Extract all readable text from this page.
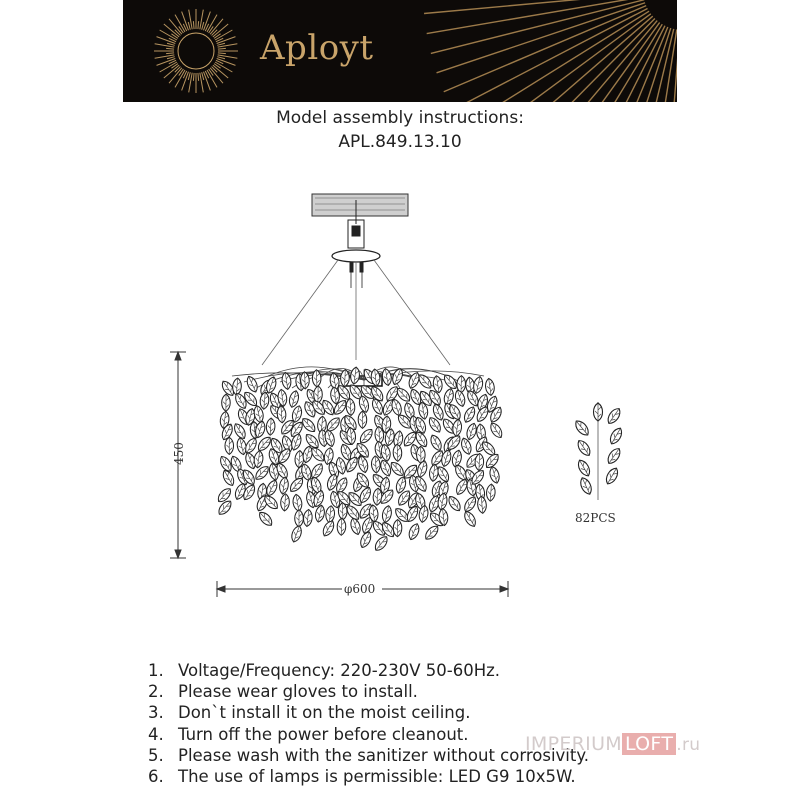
Aployt
Model assembly instructions:
APL.849.13.10
82PCS
450
φ600
1. Voltage/Frequency: 220-230V 50-60Hz.
2. Please wear gloves to install.
3. Don`t install it on the moist ceiling.
4. Turn off the power before cleanout.
5. Please wash with the sanitizer without corrosivity.
6. The use of lamps is permissible: LED G9 10x5W.
IMPERIUM LOFT .ru
